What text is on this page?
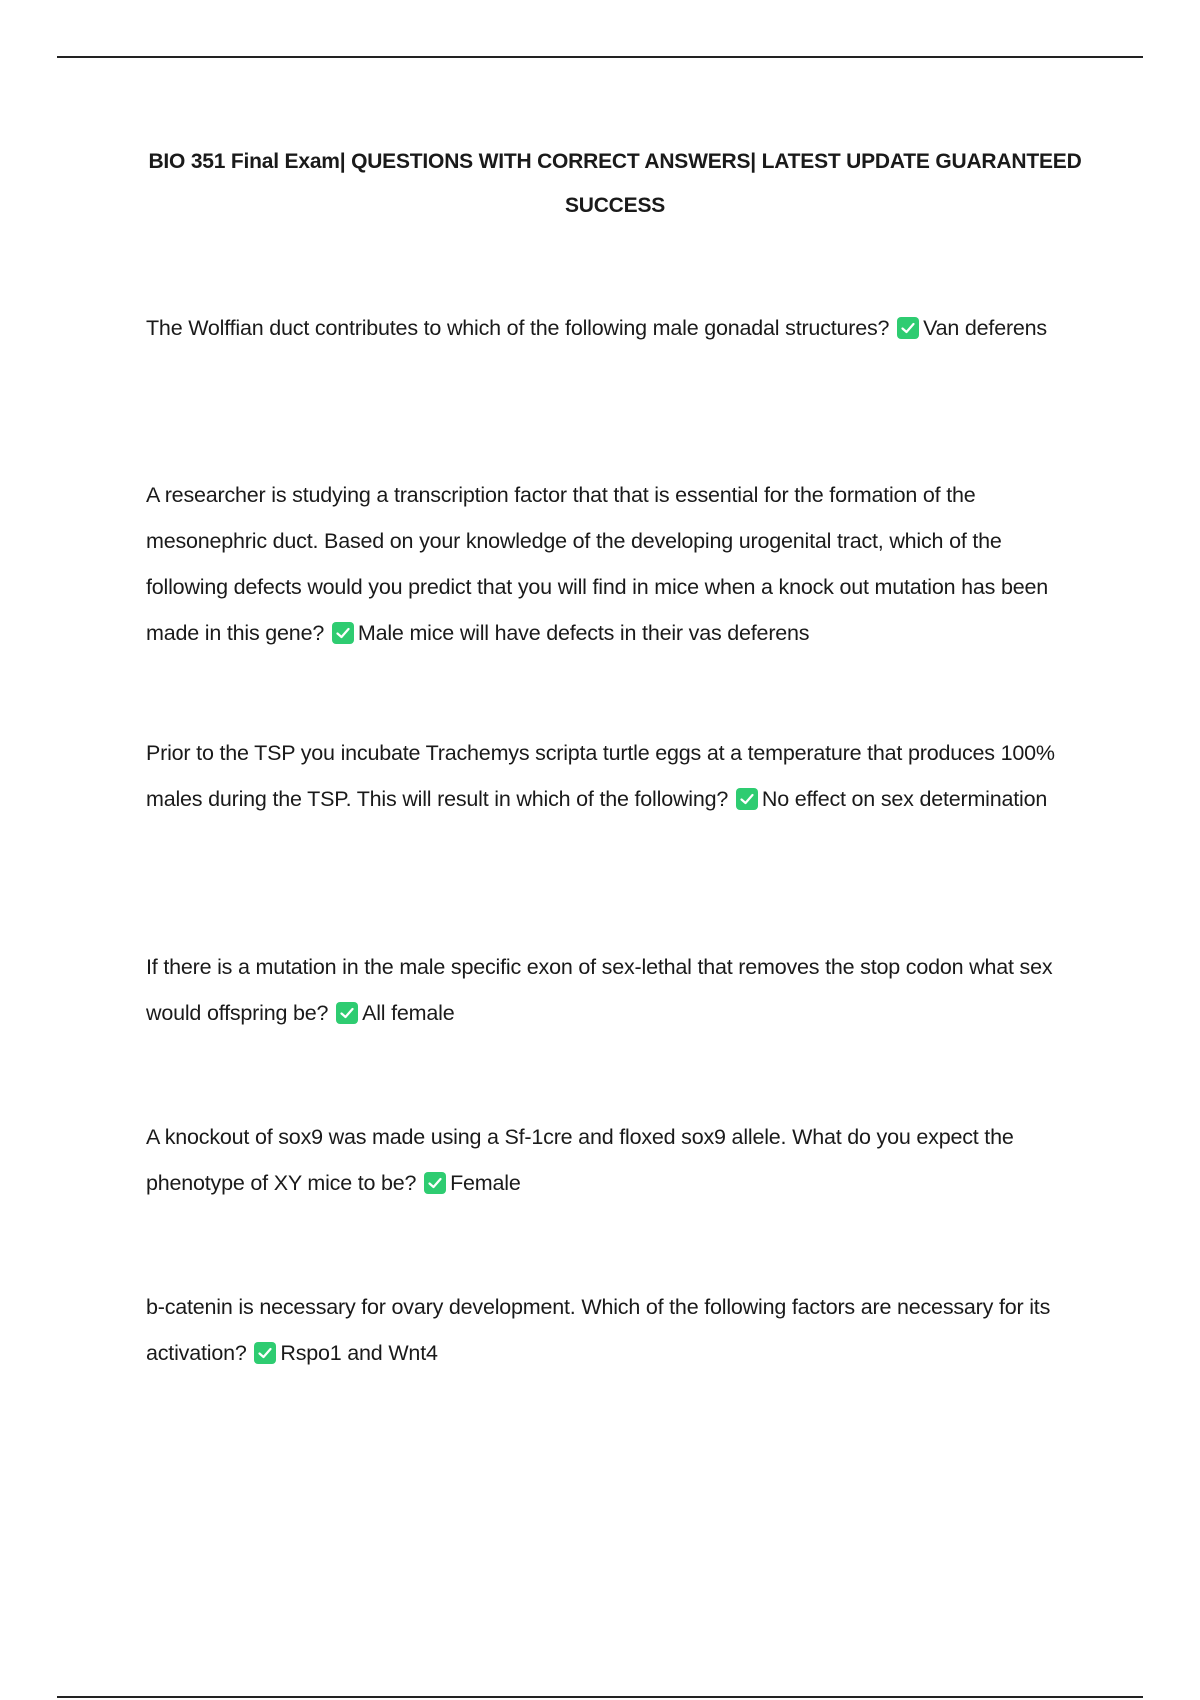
BIO 351 Final Exam| QUESTIONS WITH CORRECT ANSWERS| LATEST UPDATE GUARANTEED SUCCESS
The Wolffian duct contributes to which of the following male gonadal structures? Van deferens
A researcher is studying a transcription factor that that is essential for the formation of the mesonephric duct. Based on your knowledge of the developing urogenital tract, which of the following defects would you predict that you will find in mice when a knock out mutation has been made in this gene? Male mice will have defects in their vas deferens
Prior to the TSP you incubate Trachemys scripta turtle eggs at a temperature that produces 100% males during the TSP. This will result in which of the following? No effect on sex determination
If there is a mutation in the male specific exon of sex-lethal that removes the stop codon what sex would offspring be? All female
A knockout of sox9 was made using a Sf-1cre and floxed sox9 allele. What do you expect the phenotype of XY mice to be? Female
b-catenin is necessary for ovary development. Which of the following factors are necessary for its activation? Rspo1 and Wnt4
